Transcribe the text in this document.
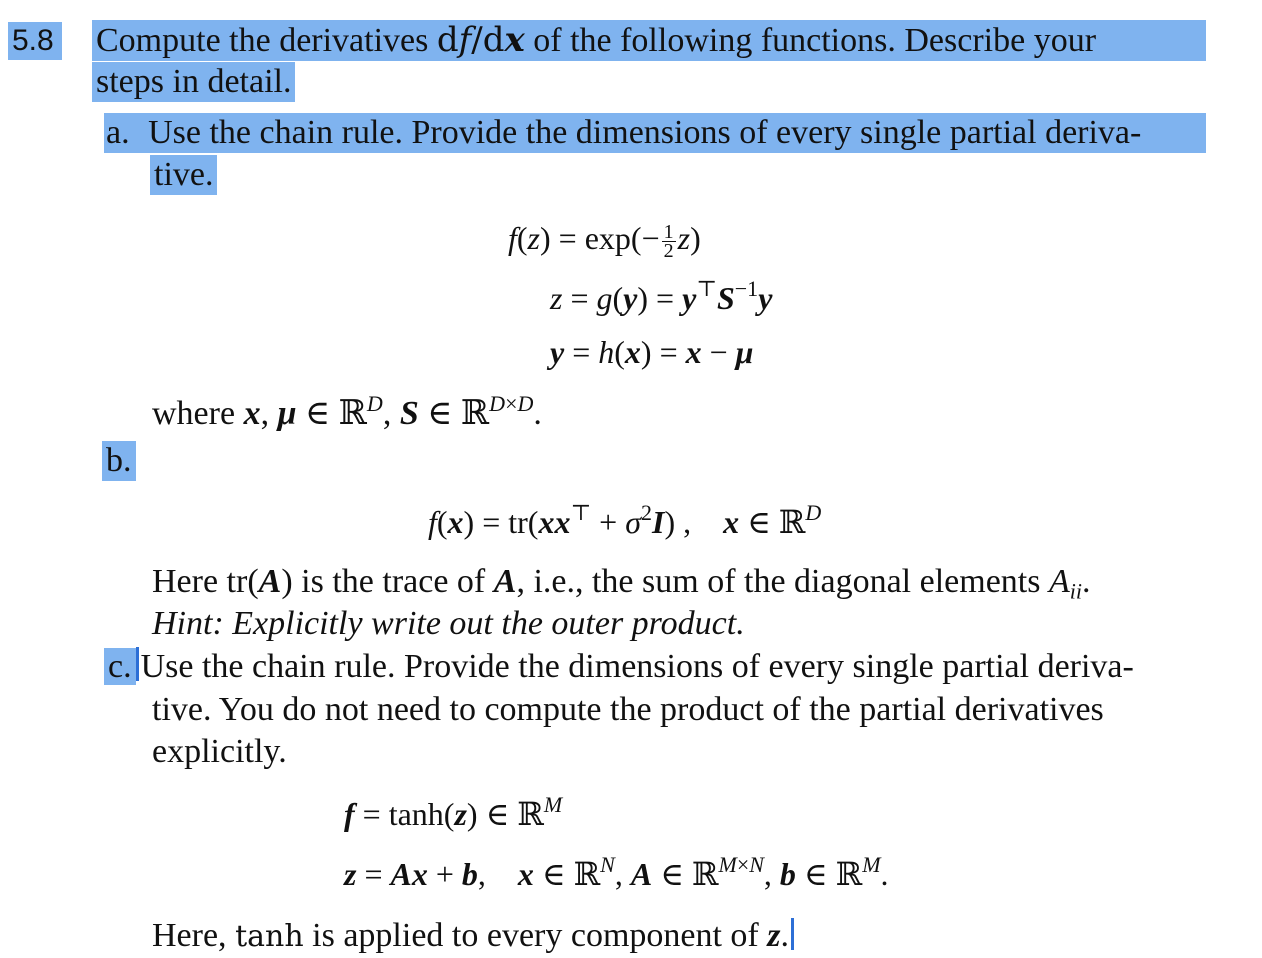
5.8 Compute the derivatives df/dx of the following functions. Describe your
steps in detail.
a. Use the chain rule. Provide the dimensions of every single partial deriva-
tive.
$f(z) = \exp(- \frac{1}{2} z)$
$z = g(y) = y^⊤S^{-1}y$
y = h(x) = x − μ
where x, μ ∈ ℝ$^D$, S ∈ ℝ$^{D\times D}$.
b.
$f(x) = tr(xx^⊤ + \sigma^2I)$ ,    x ∈ ℝ$^D$
Here tr(A) is the trace of A, i.e., the sum of the diagonal elements $A_{ii}$.
Hint: Explicitly write out the outer product.
c. Use the chain rule. Provide the dimensions of every single partial deriva-
tive. You do not need to compute the product of the partial derivatives
explicitly.
f = tanh(z) ∈ ℝ$^M$
z = Ax + b,    x ∈ ℝ$^N$, A ∈ ℝ$^{M\times N}$, b ∈ ℝ$^M$.
Here, tanh is applied to every component of z.
